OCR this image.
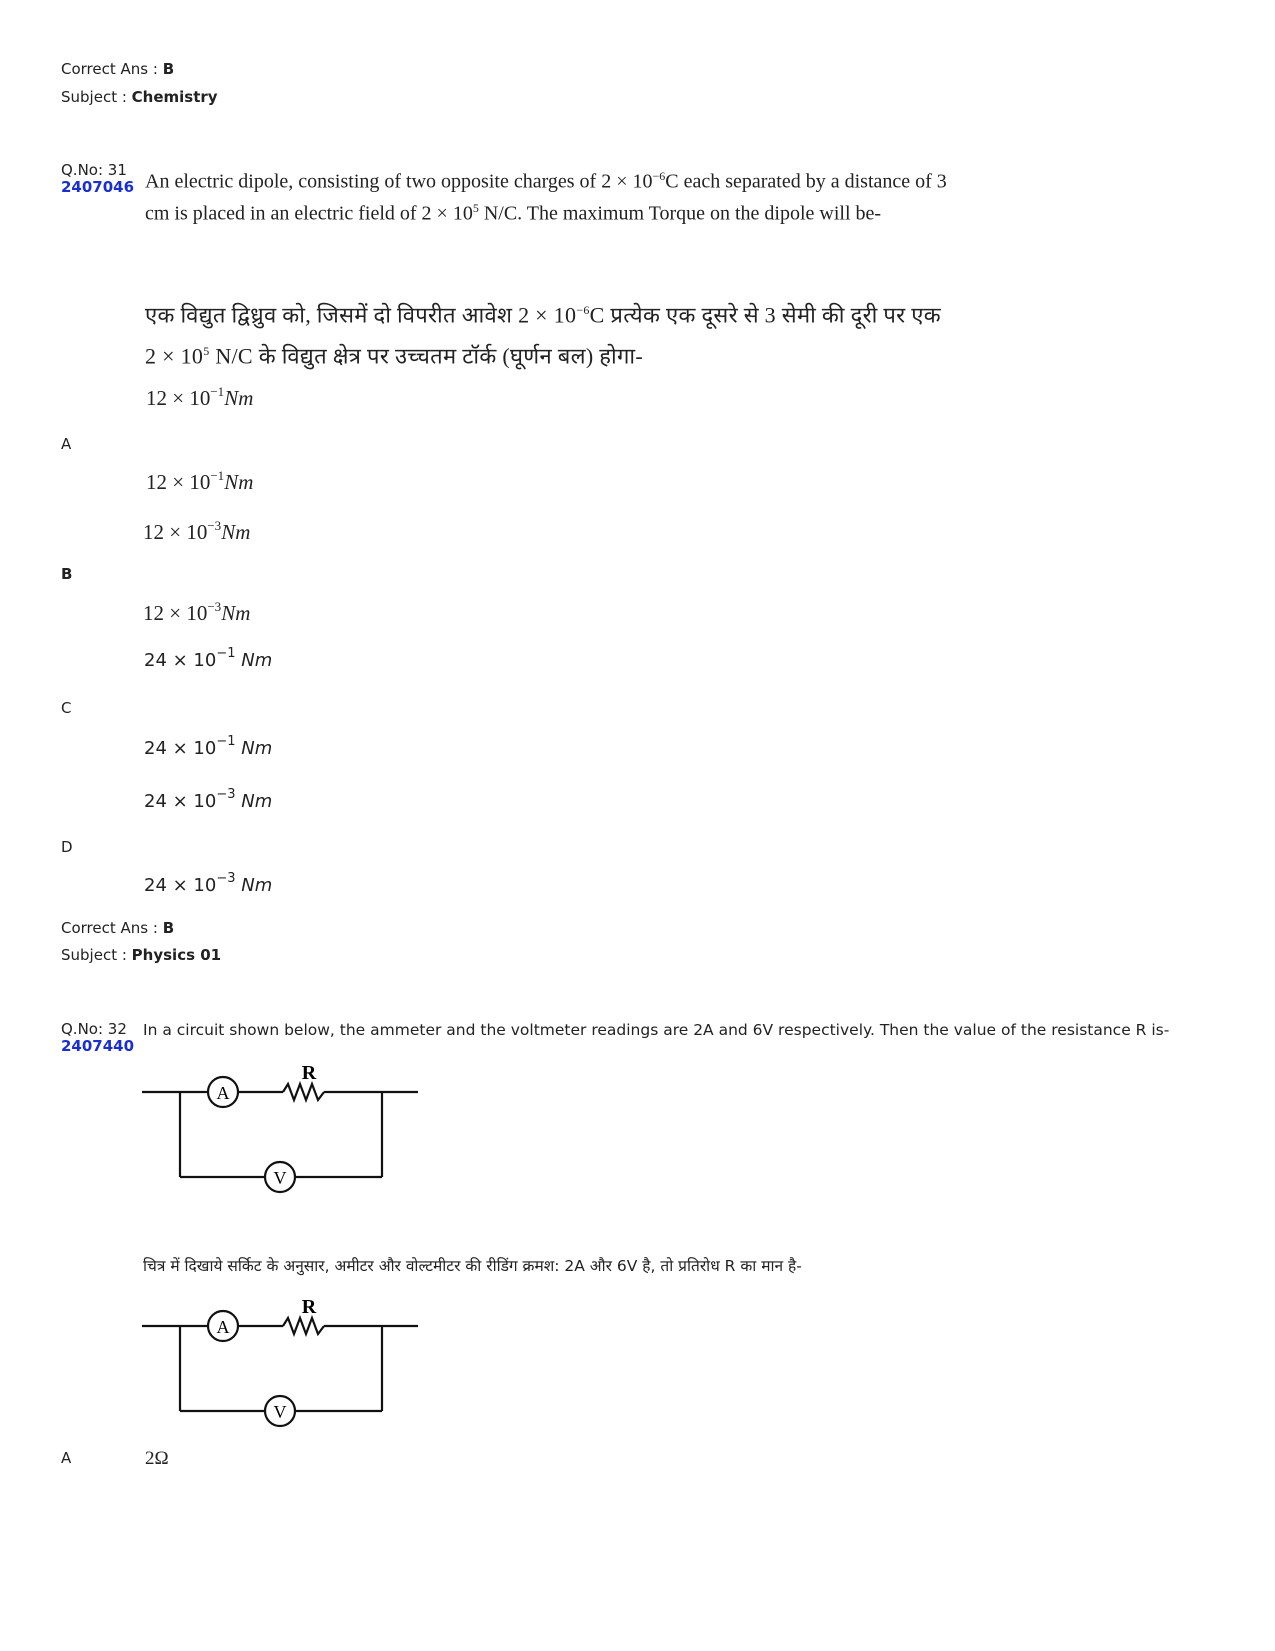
Correct Ans : B
Subject : Chemistry
Q.No: 31
2407046 An electric dipole, consisting of two opposite charges of $2 \times 10^{-6}C$ each separated by a distance of 3 cm is placed in an electric field of $2 \times 10^5$ N/C. The maximum Torque on the dipole will be-
एक विद्युत द्विध्रुव को, जिसमें दो विपरीत आवेश $2 \times 10^{-6}C$ प्रत्येक एक दूसरे से 3 सेमी की दूरी पर एक $2 \times 10^5$ N/C के विद्युत क्षेत्र पर उच्चतम टॉर्क (घूर्णन बल) होगा-
$12 \times 10^{-1}Nm$
A
$12 \times 10^{-1}Nm$
$12 \times 10^{-3}Nm$
B
$12 \times 10^{-3}Nm$
$24 \times 10^{-1}$ Nm
C
$24 \times 10^{-1}$ Nm
$24 \times 10^{-3}$ Nm
D
$24 \times 10^{-3}$ Nm
Correct Ans : B
Subject : Physics 01
Q.No: 32
2407440
In a circuit shown below, the ammeter and the voltmeter readings are 2A and 6V respectively. Then the value of the resistance R is-
A
R
V
चित्र में दिखाये सर्किट के अनुसार, अमीटर और वोल्टमीटर की रीडिंग क्रमश: 2A और 6V है, तो प्रतिरोध R का मान है-
A
R
V
A	2Ω
